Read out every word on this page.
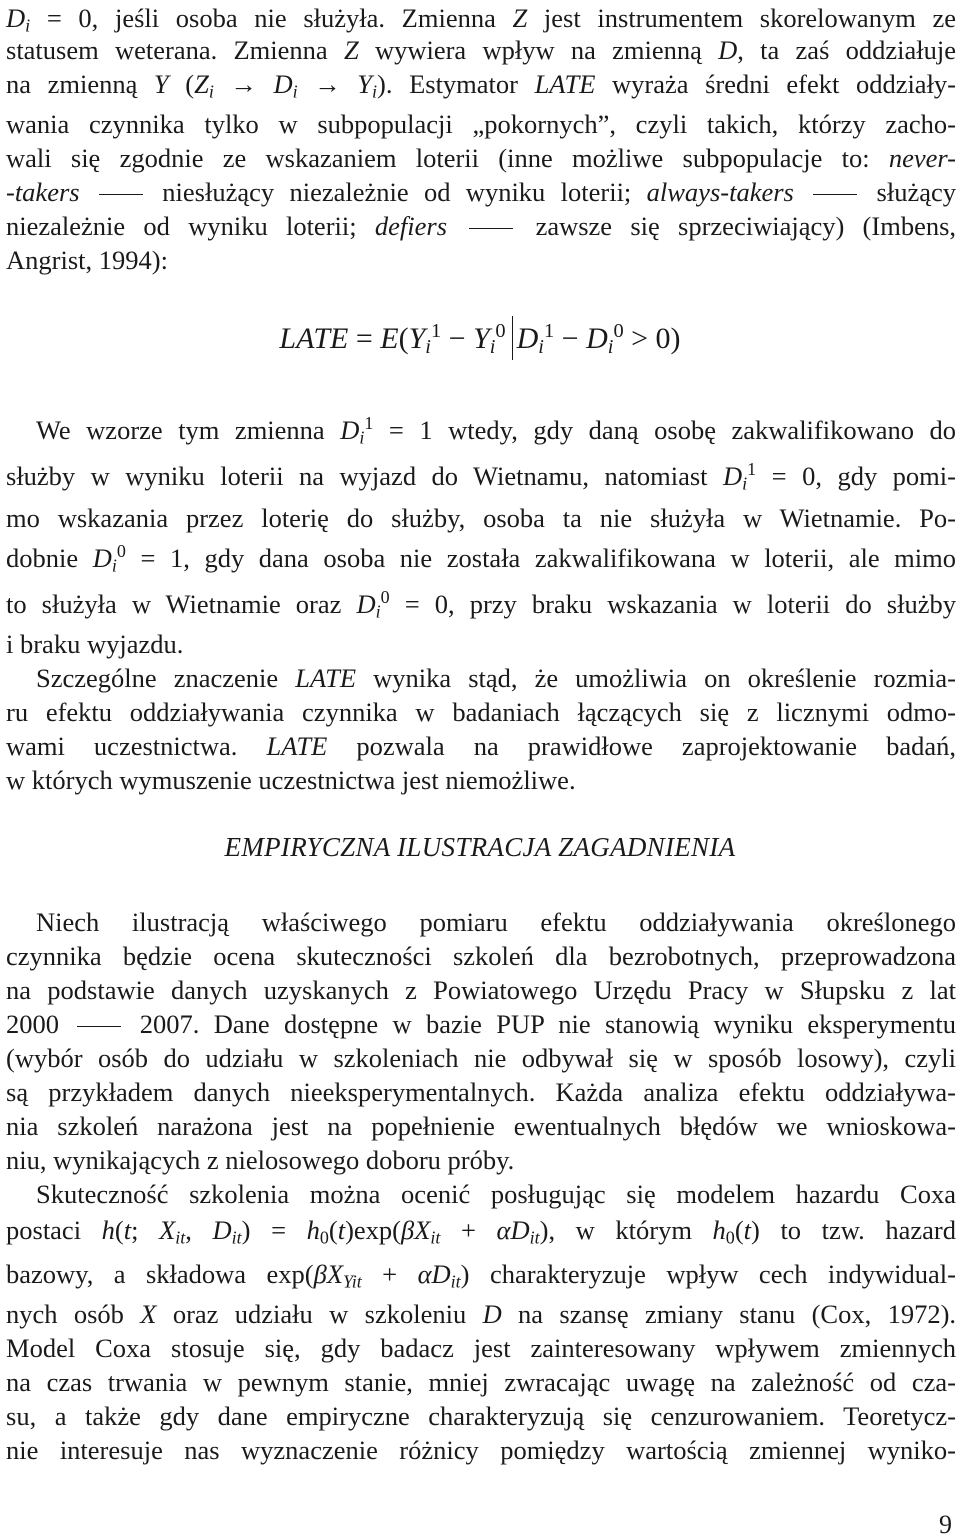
$D_i = 0$, jeśli osoba nie służyła. Zmienna Z jest instrumentem skorelowanym ze
statusem weterana. Zmienna Z wywiera wpływ na zmienną D, ta zaś oddziałuje
na zmienną Y $(Z_i \to D_i \to Y_i)$. Estymator LATE wyraża średni efekt oddziały-
wania czynnika tylko w subpopulacji „pokornych”, czyli takich, którzy zacho-
wali się zgodnie ze wskazaniem loterii (inne możliwe subpopulacje to: never-
-takers	niesłużący niezależnie od wyniku loterii; always-takers	służący
niezależnie od wyniku loterii; defiers	zawsze się sprzeciwiający) (Imbens,
Angrist, 1994):
LATE = $E(Y_i^1 - Y_i^0$ $D_i^1 - D_i^0 > 0$)
We wzorze tym zmienna $D_i^1 = 1$ wtedy, gdy daną osobę zakwalifikowano do
służby w wyniku loterii na wyjazd do Wietnamu, natomiast $D_i^1 = 0$, gdy pomi-
mo wskazania przez loterię do służby, osoba ta nie służyła w Wietnamie. Po-
dobnie $D_i^0 = 1$, gdy dana osoba nie została zakwalifikowana w loterii, ale mimo
to służyła w Wietnamie oraz $D_i^0 = 0$, przy braku wskazania w loterii do służby
i braku wyjazdu.
Szczególne znaczenie LATE wynika stąd, że umożliwia on określenie rozmia-
ru efektu oddziaływania czynnika w badaniach łączących się z licznymi odmo-
wami uczestnictwa. LATE pozwala na prawidłowe zaprojektowanie badań,
w których wymuszenie uczestnictwa jest niemożliwe.
EMPIRYCZNA ILUSTRACJA ZAGADNIENIA
Niech ilustracją właściwego pomiaru efektu oddziaływania określonego
czynnika będzie ocena skuteczności szkoleń dla bezrobotnych, przeprowadzona
na podstawie danych uzyskanych z Powiatowego Urzędu Pracy w Słupsku z lat
2000  2007. Dane dostępne w bazie PUP nie stanowią wyniku eksperymentu
(wybór osób do udziału w szkoleniach nie odbywał się w sposób losowy), czyli
są przykładem danych nieeksperymentalnych. Każda analiza efektu oddziaływa-
nia szkoleń narażona jest na popełnienie ewentualnych błędów we wnioskowa-
niu, wynikających z nielosowego doboru próby.
Skuteczność szkolenia można ocenić posługując się modelem hazardu Coxa
postaci h(t; $X_{it}$, $D_{it}) = h_0(t)\exp(\beta X_{it} + \alpha D_{it})$, w którym $h_0(t)$ to tzw. hazard
bazowy, a składowa $\exp(\beta X_{Yit} + \alpha D_{it})$ charakteryzuje wpływ cech indywidual-
nych osób X oraz udziału w szkoleniu D na szansę zmiany stanu (Cox, 1972).
Model Coxa stosuje się, gdy badacz jest zainteresowany wpływem zmiennych
na czas trwania w pewnym stanie, mniej zwracając uwagę na zależność od cza-
su, a także gdy dane empiryczne charakteryzują się cenzurowaniem. Teoretycz-
nie interesuje nas wyznaczenie różnicy pomiędzy wartością zmiennej wyniko-
9
